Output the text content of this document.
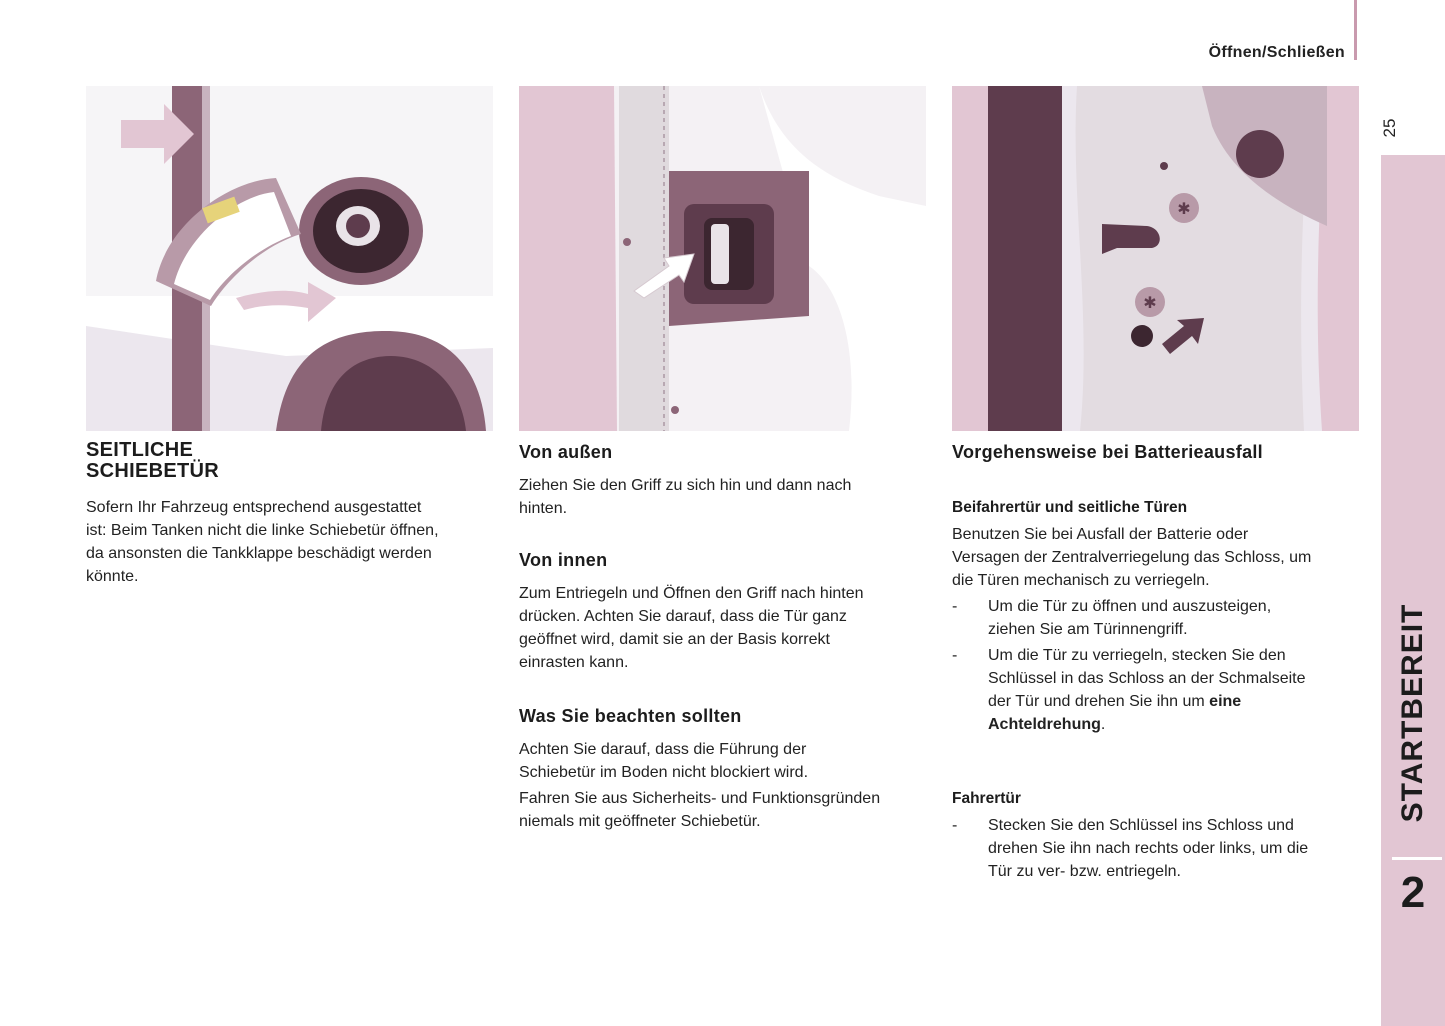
Öffnen/Schließen
25
STARTBEREIT
2
✱
✱
SEITLICHE
SCHIEBETÜR

Sofern Ihr Fahrzeug entsprechend ausgestattet
ist: Beim Tanken nicht die linke Schiebetür öffnen,
da ansonsten die Tankklappe beschädigt werden
könnte.

Von außen

Ziehen Sie den Griff zu sich hin und dann nach
hinten.

Von innen

Zum Entriegeln und Öffnen den Griff nach hinten
drücken. Achten Sie darauf, dass die Tür ganz
geöffnet wird, damit sie an der Basis korrekt
einrasten kann.

Was Sie beachten sollten

Achten Sie darauf, dass die Führung der
Schiebetür im Boden nicht blockiert wird.

Fahren Sie aus Sicherheits- und Funktionsgründen
niemals mit geöffneter Schiebetür.

Vorgehensweise bei Batterieausfall
Beifahrertür und seitliche Türen

Benutzen Sie bei Ausfall der Batterie oder
Versagen der Zentralverriegelung das Schloss, um
die Türen mechanisch zu verriegeln.

- Um die Tür zu öffnen und auszusteigen,
ziehen Sie am Türinnengriff.
- Um die Tür zu verriegeln, stecken Sie den
Schlüssel in das Schloss an der Schmalseite
der Tür und drehen Sie ihn um eine
Achteldrehung.
Fahrertür
- Stecken Sie den Schlüssel ins Schloss und
drehen Sie ihn nach rechts oder links, um die
Tür zu ver- bzw. entriegeln.
